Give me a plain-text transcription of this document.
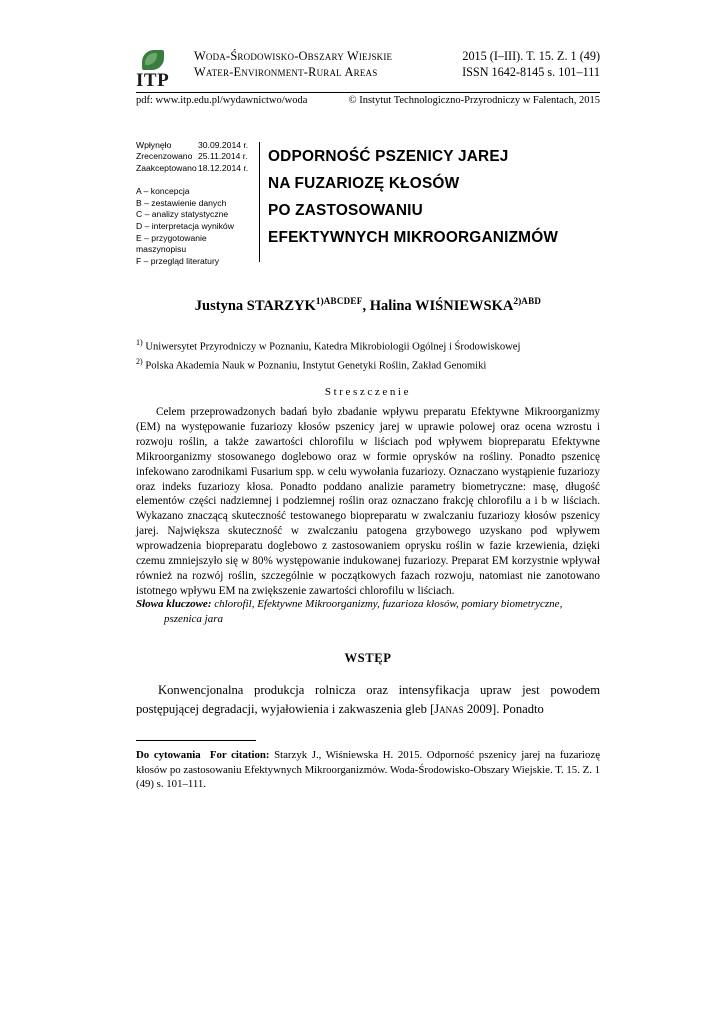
ITP
Woda-Środowisko-Obszary Wiejskie	2015 (I–III). T. 15. Z. 1 (49)
Water-Environment-Rural Areas	ISSN 1642-8145 s. 101–111
pdf: www.itp.edu.pl/wydawnictwo/woda	© Instytut Technologiczno-Przyrodniczy w Falentach, 2015
Wpłynęło	30.09.2014 r.
Zrecenzowano 25.11.2014 r.
Zaakceptowano 18.12.2014 r.
A – koncepcja
B – zestawienie danych
C – analizy statystyczne
D – interpretacja wyników
E – przygotowanie maszynopisu
F – przegląd literatury
ODPORNOŚĆ PSZENICY JAREJ
NA FUZARIOZĘ KŁOSÓW
PO ZASTOSOWANIU
EFEKTYWNYCH MIKROORGANIZMÓW
Justyna $STARZYK^{1)ABCDEF}$, Halina $WIŚNIEWSKA^{2)ABD}$
$^{1)}$ Uniwersytet Przyrodniczy w Poznaniu, Katedra Mikrobiologii Ogólnej i Środowiskowej
$^{2)}$ Polska Akademia Nauk w Poznaniu, Instytut Genetyki Roślin, Zakład Genomiki
Streszczenie

Celem przeprowadzonych badań było zbadanie wpływu preparatu Efektywne Mikroorganizmy (EM) na występowanie fuzariozy kłosów pszenicy jarej w uprawie polowej oraz ocena wzrostu i rozwoju roślin, a także zawartości chlorofilu w liściach pod wpływem biopreparatu Efektywne Mikroorganizmy stosowanego doglebowo oraz w formie oprysków na rośliny. Ponadto pszenicę infekowano zarodnikami Fusarium spp. w celu wywołania fuzariozy. Oznaczano wystąpienie fuzariozy oraz indeks fuzariozy kłosa. Ponadto poddano analizie parametry biometryczne: masę, długość elementów części nadziemnej i podziemnej roślin oraz oznaczano frakcję chlorofilu a i b w liściach. Wykazano znaczącą skuteczność testowanego biopreparatu w zwalczaniu fuzariozy kłosów pszenicy jarej. Największa skuteczność w zwalczaniu patogena grzybowego uzyskano pod wpływem wprowadzenia biopreparatu doglebowo z zastosowaniem oprysku roślin w fazie krzewienia, dzięki czemu zmniejszyło się w 80% występowanie indukowanej fuzariozy. Preparat EM korzystnie wpływał również na rozwój roślin, szczególnie w początkowych fazach rozwoju, natomiast nie zanotowano istotnego wpływu EM na zwiększenie zawartości chlorofilu w liściach.

Słowa kluczowe: chlorofil, Efektywne Mikroorganizmy, fuzarioza kłosów, pomiary biometryczne,
pszenica jara
WSTĘP

Konwencjonalna produkcja rolnicza oraz intensyfikacja upraw jest powodem postępującej degradacji, wyjałowienia i zakwaszenia gleb [Janas 2009]. Ponadto

Do cytowania For citation: Starzyk J., Wiśniewska H. 2015. Odporność pszenicy jarej na fuzariozę kłosów po zastosowaniu Efektywnych Mikroorganizmów. Woda-Środowisko-Obszary Wiejskie. T. 15. Z. 1 (49) s. 101–111.
